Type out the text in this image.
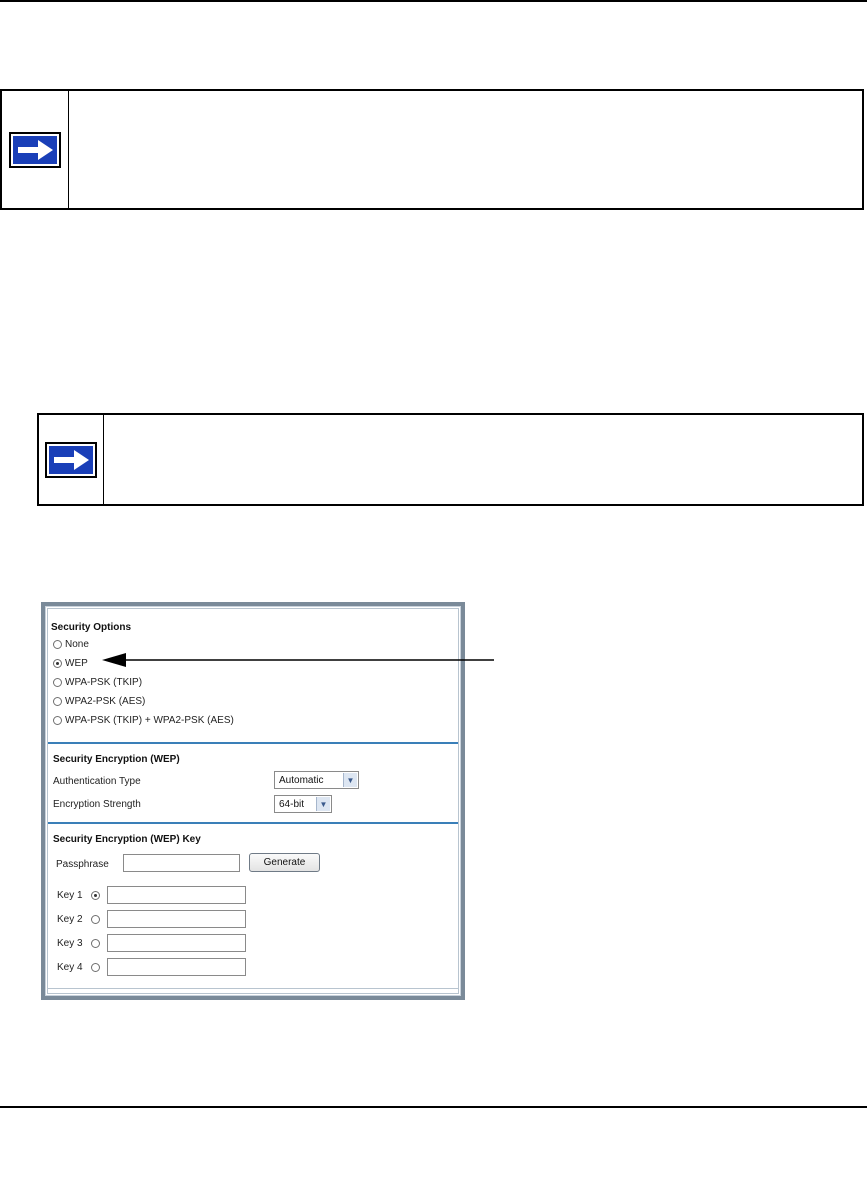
Security Options
None
WEP
WPA-PSK (TKIP)
WPA2-PSK (AES)
WPA-PSK (TKIP) + WPA2-PSK (AES)
Security Encryption (WEP)
Authentication Type	Automatic	▼
Encryption Strength	64-bit	▼
Security Encryption (WEP) Key
Passphrase	Generate
Key 1
Key 2
Key 3
Key 4
